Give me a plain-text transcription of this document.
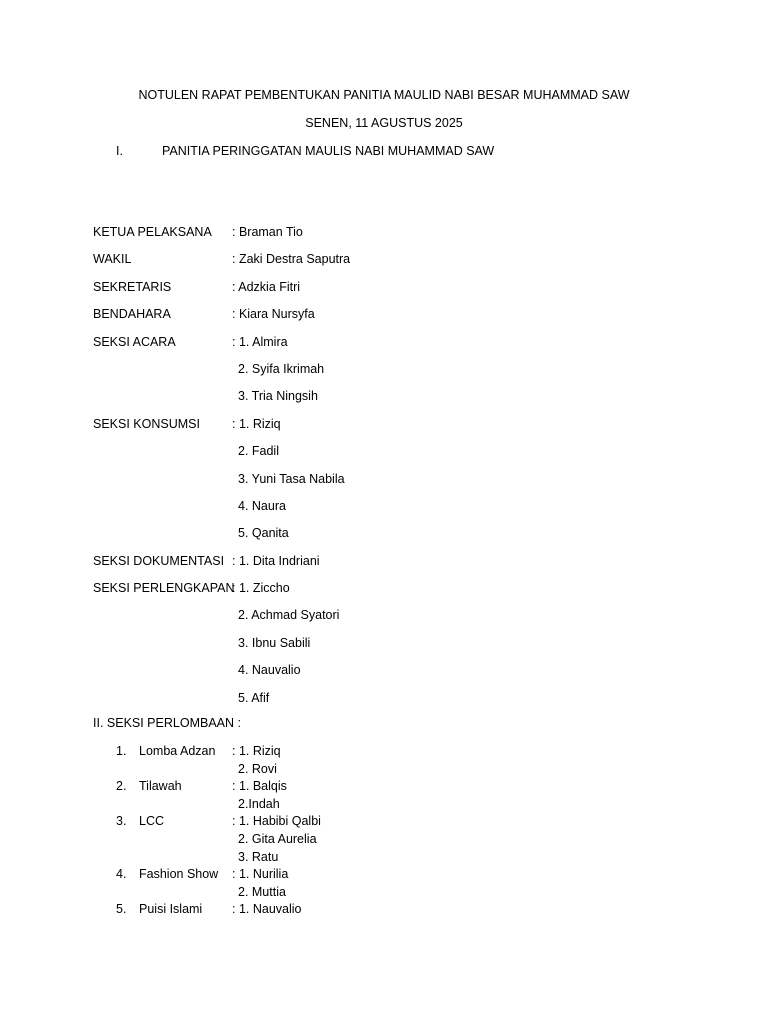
NOTULEN RAPAT PEMBENTUKAN PANITIA MAULID NABI BESAR MUHAMMAD SAW
SENEN, 11 AGUSTUS 2025
I.	PANITIA PERINGGATAN MAULIS NABI MUHAMMAD SAW
KETUA PELAKSANA : Braman Tio
WAKIL	: Zaki Destra Saputra
SEKRETARIS	: Adzkia Fitri
BENDAHARA	: Kiara Nursyfa
SEKSI ACARA	: 1. Almira
2. Syifa Ikrimah
3. Tria Ningsih
SEKSI KONSUMSI	: 1. Riziq
2. Fadil
3. Yuni Tasa Nabila
4. Naura
5. Qanita
SEKSI DOKUMENTASI : 1. Dita Indriani
SEKSI PERLENGKAPAN
: 1. Ziccho
2. Achmad Syatori
3. Ibnu Sabili
4. Nauvalio
5. Afif
II. SEKSI PERLOMBAAN :
1. Lomba Adzan : 1. Riziq
2. Rovi
2. Tilawah	: 1. Balqis
2.Indah
3. LCC	: 1. Habibi Qalbi
2. Gita Aurelia
3. Ratu
4. Fashion Show : 1. Nurilia
2. Muttia
5. Puisi Islami : 1. Nauvalio
